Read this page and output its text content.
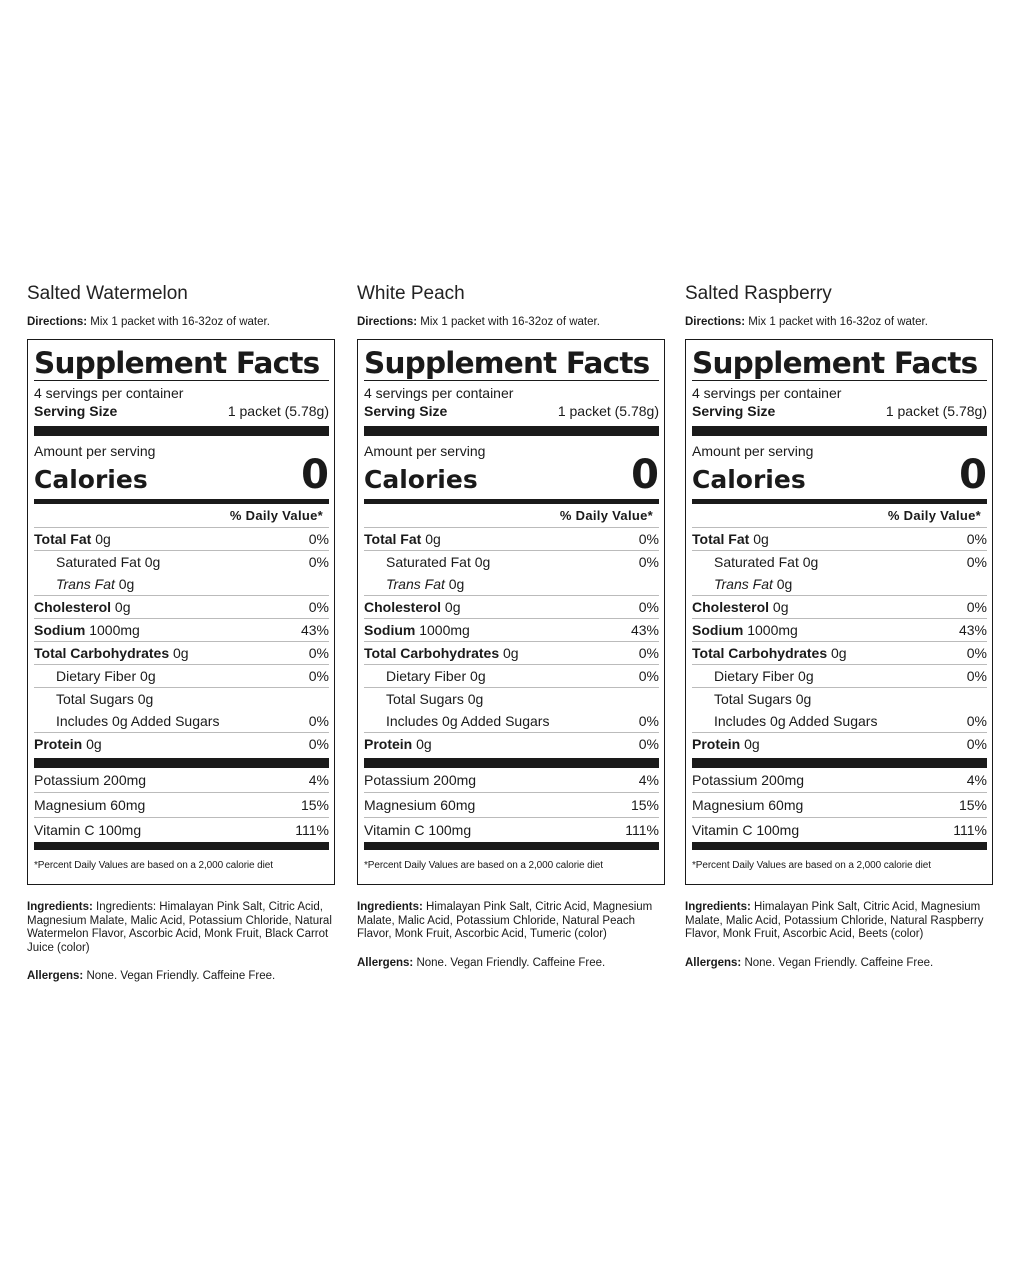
Salted Watermelon
Directions: Mix 1 packet with 16-32oz of water.
Supplement Facts
4 servings per container
Serving Size	1 packet (5.78g)
Amount per serving
Calories	0
% Daily Value*
Total Fat 0g	0%
Saturated Fat 0g	0%
Trans Fat 0g
Cholesterol 0g	0%
Sodium 1000mg	43%
Total Carbohydrates 0g	0%
Dietary Fiber 0g	0%
Total Sugars 0g
Includes 0g Added Sugars	0%
Protein 0g	0%
Potassium 200mg	4%
Magnesium 60mg	15%
Vitamin C 100mg	111%
*Percent Daily Values are based on a 2,000 calorie diet
Ingredients: Ingredients: Himalayan Pink Salt, Citric Acid, Magnesium Malate, Malic Acid, Potassium Chloride, Natural Watermelon Flavor, Ascorbic Acid, Monk Fruit, Black Carrot Juice (color)
Allergens: None. Vegan Friendly. Caffeine Free.
White Peach
Directions: Mix 1 packet with 16-32oz of water.
Supplement Facts
4 servings per container
Serving Size	1 packet (5.78g)
Amount per serving
Calories	0
% Daily Value*
Total Fat 0g	0%
Saturated Fat 0g	0%
Trans Fat 0g
Cholesterol 0g	0%
Sodium 1000mg	43%
Total Carbohydrates 0g	0%
Dietary Fiber 0g	0%
Total Sugars 0g
Includes 0g Added Sugars	0%
Protein 0g	0%
Potassium 200mg	4%
Magnesium 60mg	15%
Vitamin C 100mg	111%
*Percent Daily Values are based on a 2,000 calorie diet
Ingredients: Himalayan Pink Salt, Citric Acid, Magnesium Malate, Malic Acid, Potassium Chloride, Natural Peach Flavor, Monk Fruit, Ascorbic Acid, Tumeric (color)
Allergens: None. Vegan Friendly. Caffeine Free.
Salted Raspberry
Directions: Mix 1 packet with 16-32oz of water.
Supplement Facts
4 servings per container
Serving Size	1 packet (5.78g)
Amount per serving
Calories	0
% Daily Value*
Total Fat 0g	0%
Saturated Fat 0g	0%
Trans Fat 0g
Cholesterol 0g	0%
Sodium 1000mg	43%
Total Carbohydrates 0g	0%
Dietary Fiber 0g	0%
Total Sugars 0g
Includes 0g Added Sugars	0%
Protein 0g	0%
Potassium 200mg	4%
Magnesium 60mg	15%
Vitamin C 100mg	111%
*Percent Daily Values are based on a 2,000 calorie diet
Ingredients: Himalayan Pink Salt, Citric Acid, Magnesium Malate, Malic Acid, Potassium Chloride, Natural Raspberry Flavor, Monk Fruit, Ascorbic Acid, Beets (color)
Allergens: None. Vegan Friendly. Caffeine Free.
